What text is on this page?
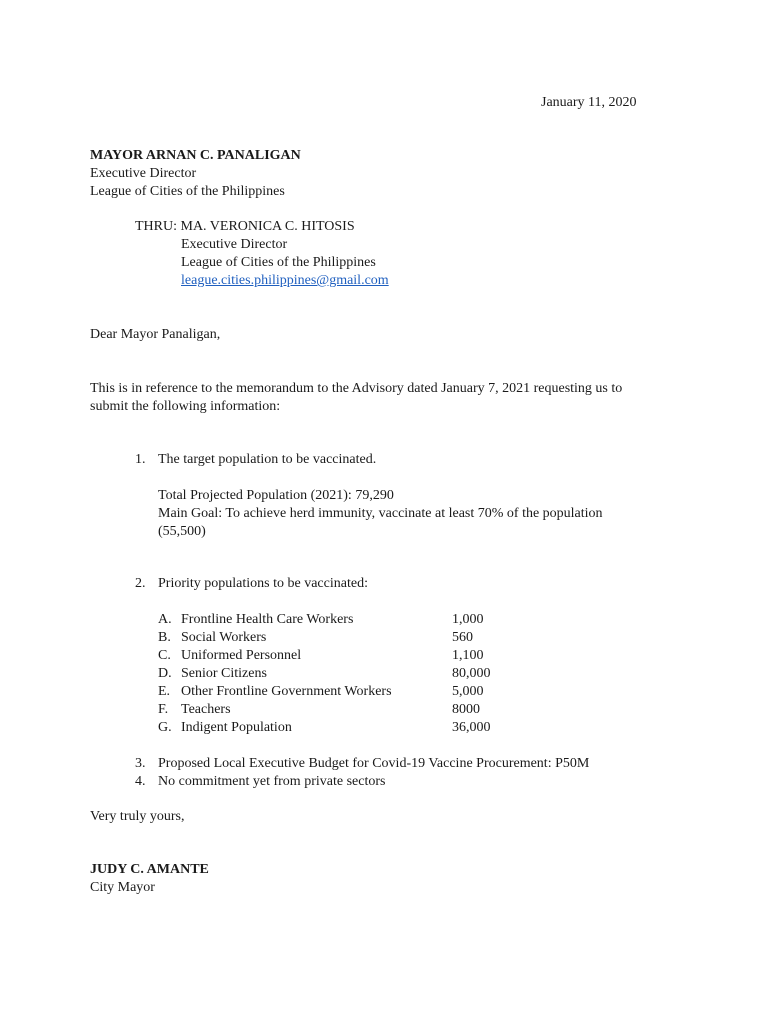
January 11, 2020
MAYOR ARNAN C. PANALIGAN
Executive Director
League of Cities of the Philippines
THRU: MA. VERONICA C. HITOSIS
Executive Director
League of Cities of the Philippines
league.cities.philippines@gmail.com
Dear Mayor Panaligan,
This is in reference to the memorandum to the Advisory dated January 7, 2021 requesting us to
submit the following information:
1. The target population to be vaccinated.
Total Projected Population (2021): 79,290
Main Goal: To achieve herd immunity, vaccinate at least 70% of the population
(55,500)
2. Priority populations to be vaccinated:
A. Frontline Health Care Workers	1,000
B. Social Workers	560
C. Uniformed Personnel	1,100
D. Senior Citizens	80,000
E. Other Frontline Government Workers	5,000
F. Teachers	8000
G. Indigent Population	36,000
3. Proposed Local Executive Budget for Covid-19 Vaccine Procurement: P50M
4. No commitment yet from private sectors
Very truly yours,
JUDY C. AMANTE
City Mayor
